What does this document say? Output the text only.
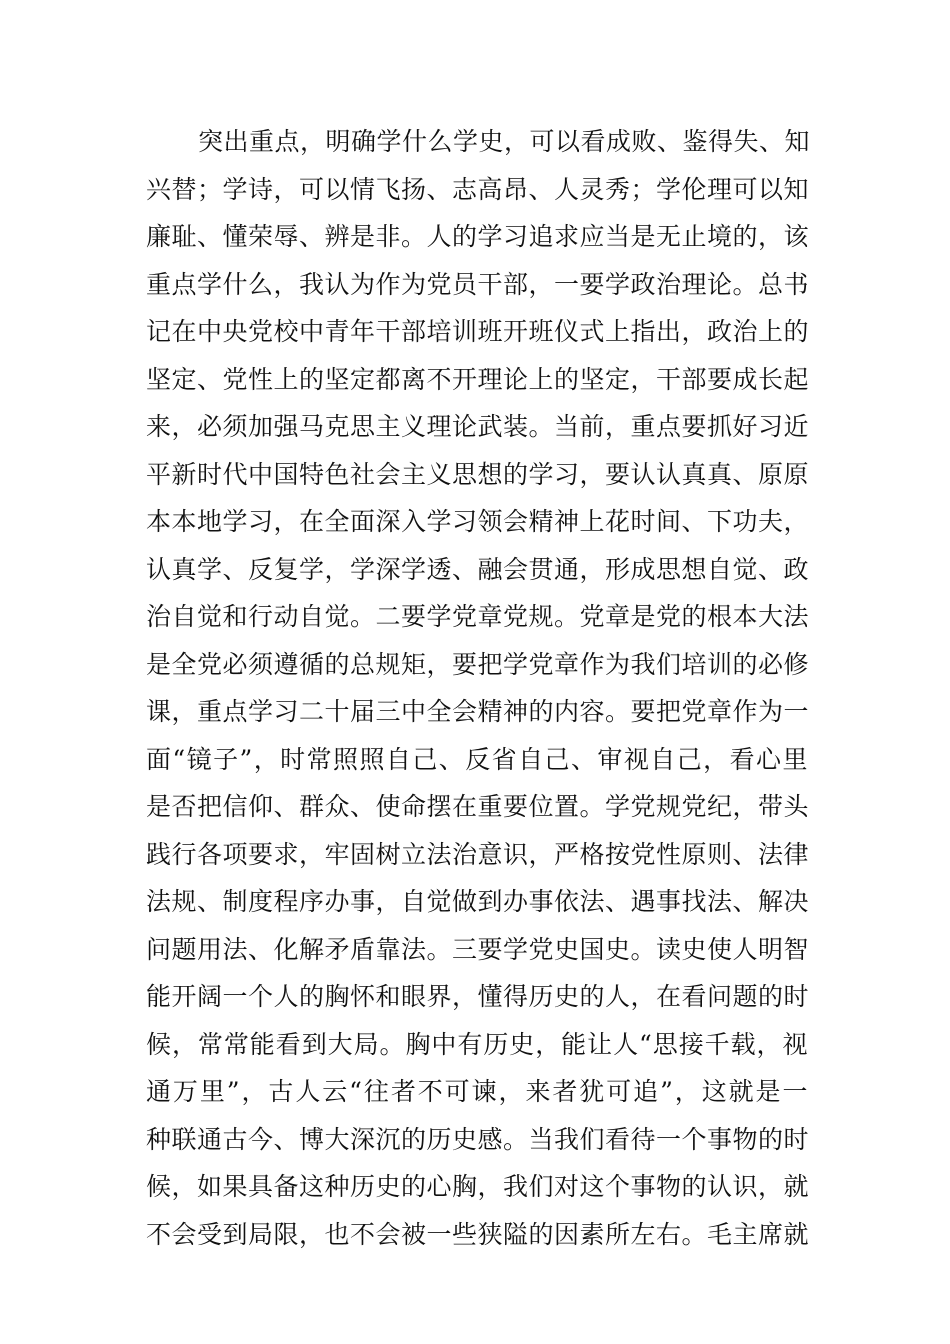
突出重点，明确学什么学史，可以看成败、鉴得失、知
兴替；学诗，可以情飞扬、志高昂、人灵秀；学伦理可以知
廉耻、懂荣辱、辨是非。人的学习追求应当是无止境的，该
重点学什么，我认为作为党员干部，一要学政治理论。总书
记在中央党校中青年干部培训班开班仪式上指出，政治上的
坚定、党性上的坚定都离不开理论上的坚定，干部要成长起
来，必须加强马克思主义理论武装。当前，重点要抓好习近
平新时代中国特色社会主义思想的学习，要认认真真、原原
本本地学习，在全面深入学习领会精神上花时间、下功夫，
认真学、反复学，学深学透、融会贯通，形成思想自觉、政
治自觉和行动自觉。二要学党章党规。党章是党的根本大法
是全党必须遵循的总规矩，要把学党章作为我们培训的必修
课，重点学习二十届三中全会精神的内容。要把党章作为一
面“镜子”，时常照照自己、反省自己、审视自己，看心里
是否把信仰、群众、使命摆在重要位置。学党规党纪，带头
践行各项要求，牢固树立法治意识，严格按党性原则、法律
法规、制度程序办事，自觉做到办事依法、遇事找法、解决
问题用法、化解矛盾靠法。三要学党史国史。读史使人明智
能开阔一个人的胸怀和眼界，懂得历史的人，在看问题的时
候，常常能看到大局。胸中有历史，能让人“思接千载，视
通万里”，古人云“往者不可谏，来者犹可追”，这就是一
种联通古今、博大深沉的历史感。当我们看待一个事物的时
候，如果具备这种历史的心胸，我们对这个事物的认识，就
不会受到局限，也不会被一些狭隘的因素所左右。毛主席就
